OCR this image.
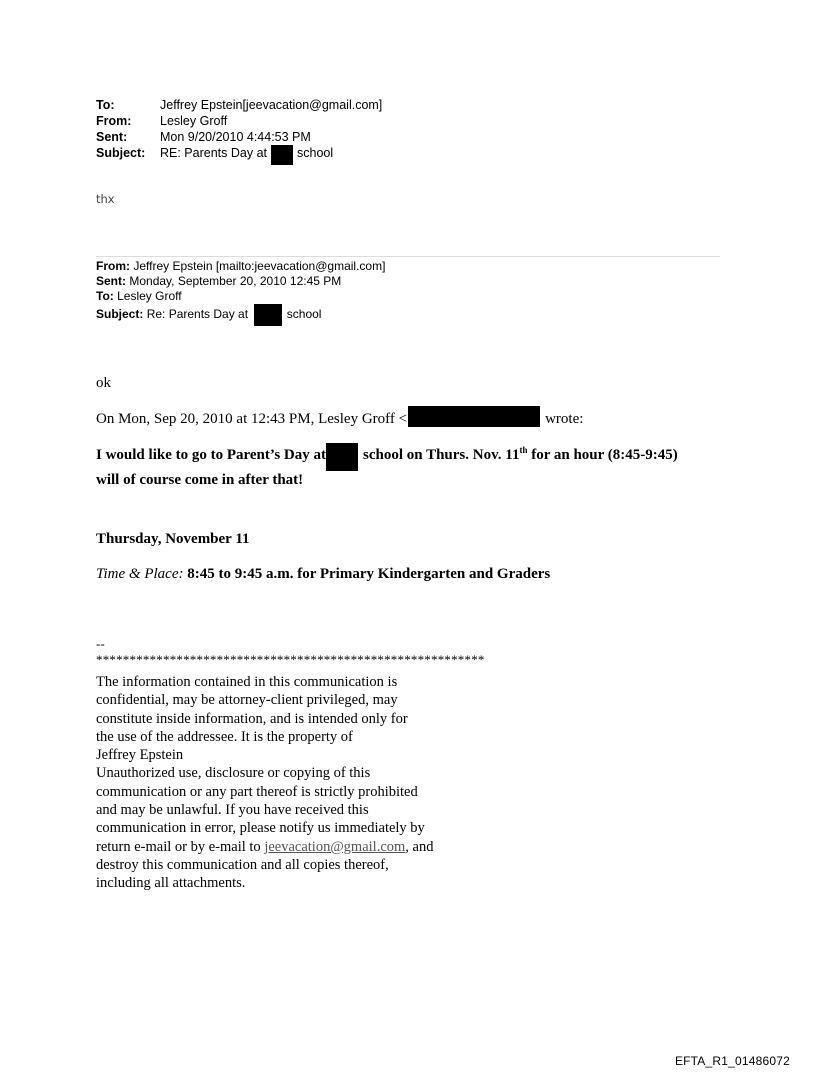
To:	Jeffrey Epstein[jeevacation@gmail.com]
From:	Lesley Groff
Sent:	Mon 9/20/2010 4:44:53 PM
Subject:	RE: Parents Day at school
thx
From: Jeffrey Epstein [mailto:jeevacation@gmail.com]
Sent: Monday, September 20, 2010 12:45 PM
To: Lesley Groff
Subject: Re: Parents Day at	school
ok
On Mon, Sep 20, 2010 at 12:43 PM, Lesley Groff <	wrote:
I would like to go to Parent’s Day at school on Thurs. Nov. 11th for an hour (8:45-9:45)
will of course come in after that!
Thursday, November 11
Time & Place: 8:45 to 9:45 a.m. for Primary Kindergarten and Graders
--
**********************************************************
The information contained in this communication is
confidential, may be attorney-client privileged, may
constitute inside information, and is intended only for
the use of the addressee. It is the property of
Jeffrey Epstein
Unauthorized use, disclosure or copying of this
communication or any part thereof is strictly prohibited
and may be unlawful. If you have received this
communication in error, please notify us immediately by
return e-mail or by e-mail to jeevacation@gmail.com, and
destroy this communication and all copies thereof,
including all attachments.
EFTA_R1_01486072
